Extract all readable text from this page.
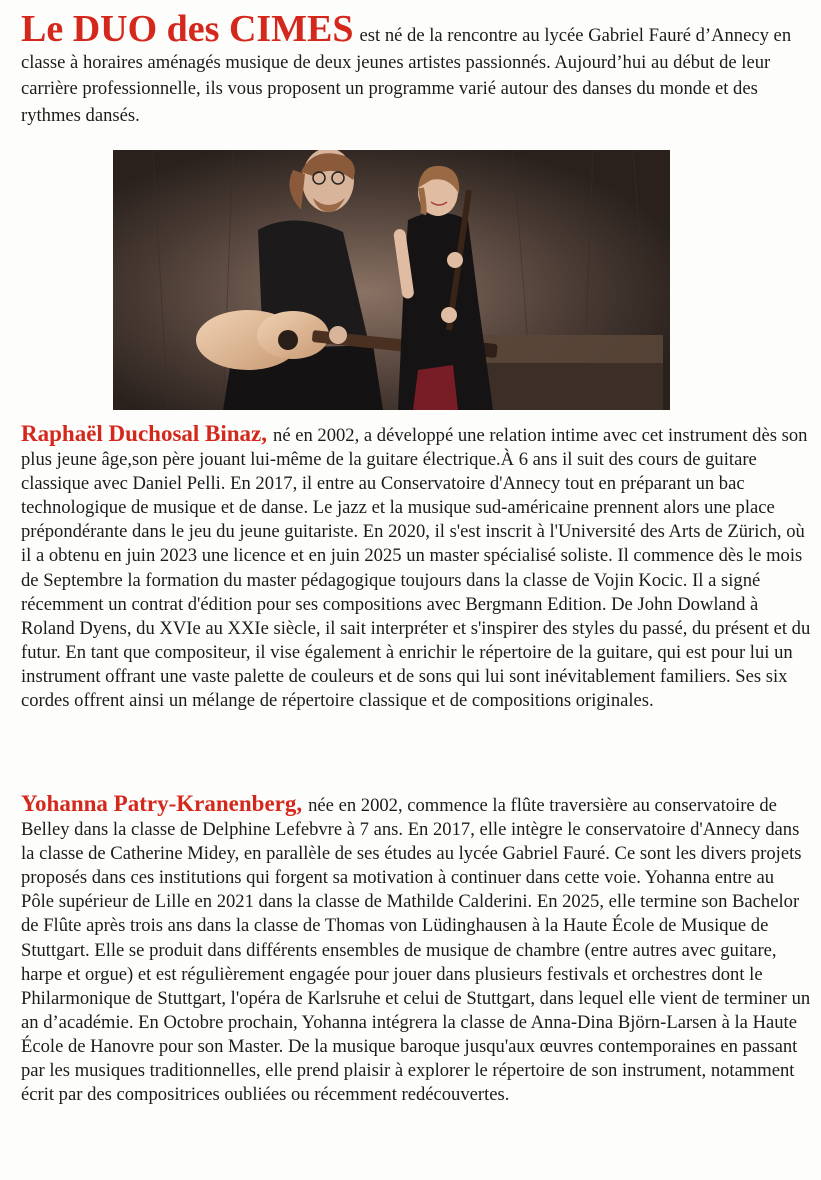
Le DUO des CIMES est né de la rencontre au lycée Gabriel Fauré d’Annecy en classe à horaires aménagés musique de deux jeunes artistes passionnés. Aujourd’hui au début de leur carrière professionnelle, ils vous proposent un programme varié autour des danses du monde et des rythmes dansés.

Raphaël Duchosal Binaz, né en 2002, a développé une relation intime avec cet instrument dès son plus jeune âge,son père jouant lui-même de la guitare électrique.À 6 ans il suit des cours de guitare classique avec Daniel Pelli. En 2017, il entre au Conservatoire d'Annecy tout en préparant un bac technologique de musique et de danse. Le jazz et la musique sud-américaine prennent alors une place prépondérante dans le jeu du jeune guitariste. En 2020, il s'est inscrit à l'Université des Arts de Zürich, où il a obtenu en juin 2023 une licence et en juin 2025 un master spécialisé soliste. Il commence dès le mois de Septembre la formation du master pédagogique toujours dans la classe de Vojin Kocic. Il a signé récemment un contrat d'édition pour ses compositions avec Bergmann Edition. De John Dowland à Roland Dyens, du XVIe au XXIe siècle, il sait interpréter et s'inspirer des styles du passé, du présent et du futur. En tant que compositeur, il vise également à enrichir le répertoire de la guitare, qui est pour lui un instrument offrant une vaste palette de couleurs et de sons qui lui sont inévitablement familiers. Ses six cordes offrent ainsi un mélange de répertoire classique et de compositions originales.

Yohanna Patry-Kranenberg, née en 2002, commence la flûte traversière au conservatoire de Belley dans la classe de Delphine Lefebvre à 7 ans. En 2017, elle intègre le conservatoire d'Annecy dans la classe de Catherine Midey, en parallèle de ses études au lycée Gabriel Fauré. Ce sont les divers projets proposés dans ces institutions qui forgent sa motivation à continuer dans cette voie. Yohanna entre au Pôle supérieur de Lille en 2021 dans la classe de Mathilde Calderini. En 2025, elle termine son Bachelor de Flûte après trois ans dans la classe de Thomas von Lüdinghausen à la Haute École de Musique de Stuttgart. Elle se produit dans différents ensembles de musique de chambre (entre autres avec guitare, harpe et orgue) et est régulièrement engagée pour jouer dans plusieurs festivals et orchestres dont le Philarmonique de Stuttgart, l'opéra de Karlsruhe et celui de Stuttgart, dans lequel elle vient de terminer un an d’académie. En Octobre prochain, Yohanna intégrera la classe de Anna-Dina Björn-Larsen à la Haute École de Hanovre pour son Master. De la musique baroque jusqu'aux œuvres contemporaines en passant par les musiques traditionnelles, elle prend plaisir à explorer le répertoire de son instrument, notamment écrit par des compositrices oubliées ou récemment redécouvertes.
